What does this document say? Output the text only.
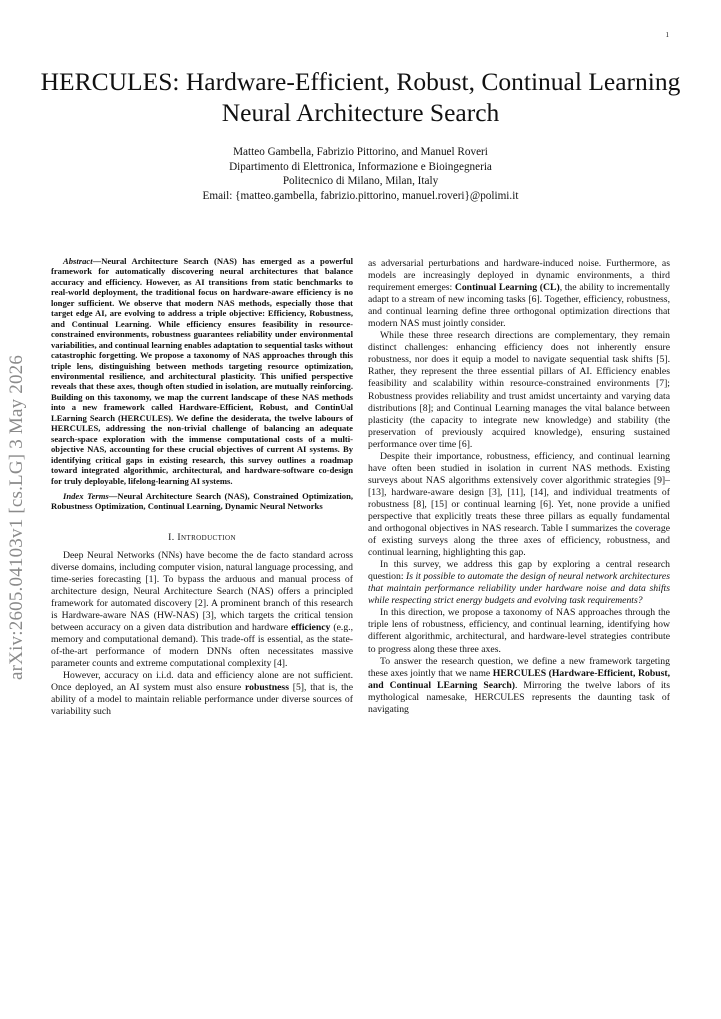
1
arXiv:2605.04103v1 [cs.LG] 3 May 2026
HERCULES: Hardware-Efficient, Robust, Continual Learning Neural Architecture Search
Matteo Gambella, Fabrizio Pittorino, and Manuel Roveri
Dipartimento di Elettronica, Informazione e Bioingegneria
Politecnico di Milano, Milan, Italy
Email: {matteo.gambella, fabrizio.pittorino, manuel.roveri}@polimi.it

Abstract—Neural Architecture Search (NAS) has emerged as a powerful framework for automatically discovering neural architectures that balance accuracy and efficiency. However, as AI transitions from static benchmarks to real-world deployment, the traditional focus on hardware-aware efficiency is no longer sufficient. We observe that modern NAS methods, especially those that target edge AI, are evolving to address a triple objective: Efficiency, Robustness, and Continual Learning. While efficiency ensures feasibility in resource-constrained environments, robustness guarantees reliability under environmental variabilities, and continual learning enables adaptation to sequential tasks without catastrophic forgetting. We propose a taxonomy of NAS approaches through this triple lens, distinguishing between methods targeting resource optimization, environmental resilience, and architectural plasticity. This unified perspective reveals that these axes, though often studied in isolation, are mutually reinforcing. Building on this taxonomy, we map the current landscape of these NAS methods into a new framework called Hardware-Efficient, Robust, and ContinUal LEarning Search (HERCULES). We define the desiderata, the twelve labours of HERCULES, addressing the non-trivial challenge of balancing an adequate search-space exploration with the immense computational costs of a multi-objective NAS, accounting for these crucial objectives of current AI systems. By identifying critical gaps in existing research, this survey outlines a roadmap toward integrated algorithmic, architectural, and hardware-software co-design for truly deployable, lifelong-learning AI systems.

Index Terms—Neural Architecture Search (NAS), Constrained Optimization, Robustness Optimization, Continual Learning, Dynamic Neural Networks

I. Introduction

Deep Neural Networks (NNs) have become the de facto standard across diverse domains, including computer vision, natural language processing, and time-series forecasting [1]. To bypass the arduous and manual process of architecture design, Neural Architecture Search (NAS) offers a principled framework for automated discovery [2]. A prominent branch of this research is Hardware-aware NAS (HW-NAS) [3], which targets the critical tension between accuracy on a given data distribution and hardware efficiency (e.g., memory and computational demand). This trade-off is essential, as the state-of-the-art performance of modern DNNs often necessitates massive parameter counts and extreme computational complexity [4].

However, accuracy on i.i.d. data and efficiency alone are not sufficient. Once deployed, an AI system must also ensure robustness [5], that is, the ability of a model to maintain reliable performance under diverse sources of variability such

as adversarial perturbations and hardware-induced noise. Furthermore, as models are increasingly deployed in dynamic environments, a third requirement emerges: Continual Learning (CL), the ability to incrementally adapt to a stream of new incoming tasks [6]. Together, efficiency, robustness, and continual learning define three orthogonal optimization directions that modern NAS must jointly consider.

While these three research directions are complementary, they remain distinct challenges: enhancing efficiency does not inherently ensure robustness, nor does it equip a model to navigate sequential task shifts [5]. Rather, they represent the three essential pillars of AI. Efficiency enables feasibility and scalability within resource-constrained environments [7]; Robustness provides reliability and trust amidst uncertainty and varying data distributions [8]; and Continual Learning manages the vital balance between plasticity (the capacity to integrate new knowledge) and stability (the preservation of previously acquired knowledge), ensuring sustained performance over time [6].

Despite their importance, robustness, efficiency, and continual learning have often been studied in isolation in current NAS methods. Existing surveys about NAS algorithms extensively cover algorithmic strategies [9]–[13], hardware-aware design [3], [11], [14], and individual treatments of robustness [8], [15] or continual learning [6]. Yet, none provide a unified perspective that explicitly treats these three pillars as equally fundamental and orthogonal objectives in NAS research. Table I summarizes the coverage of existing surveys along the three axes of efficiency, robustness, and continual learning, highlighting this gap.

In this survey, we address this gap by exploring a central research question: Is it possible to automate the design of neural network architectures that maintain performance reliability under hardware noise and data shifts while respecting strict energy budgets and evolving task requirements?

In this direction, we propose a taxonomy of NAS approaches through the triple lens of robustness, efficiency, and continual learning, identifying how different algorithmic, architectural, and hardware-level strategies contribute to progress along these three axes.

To answer the research question, we define a new framework targeting these axes jointly that we name HERCULES (Hardware-Efficient, Robust, and Continual LEarning Search). Mirroring the twelve labors of its mythological namesake, HERCULES represents the daunting task of navigating
